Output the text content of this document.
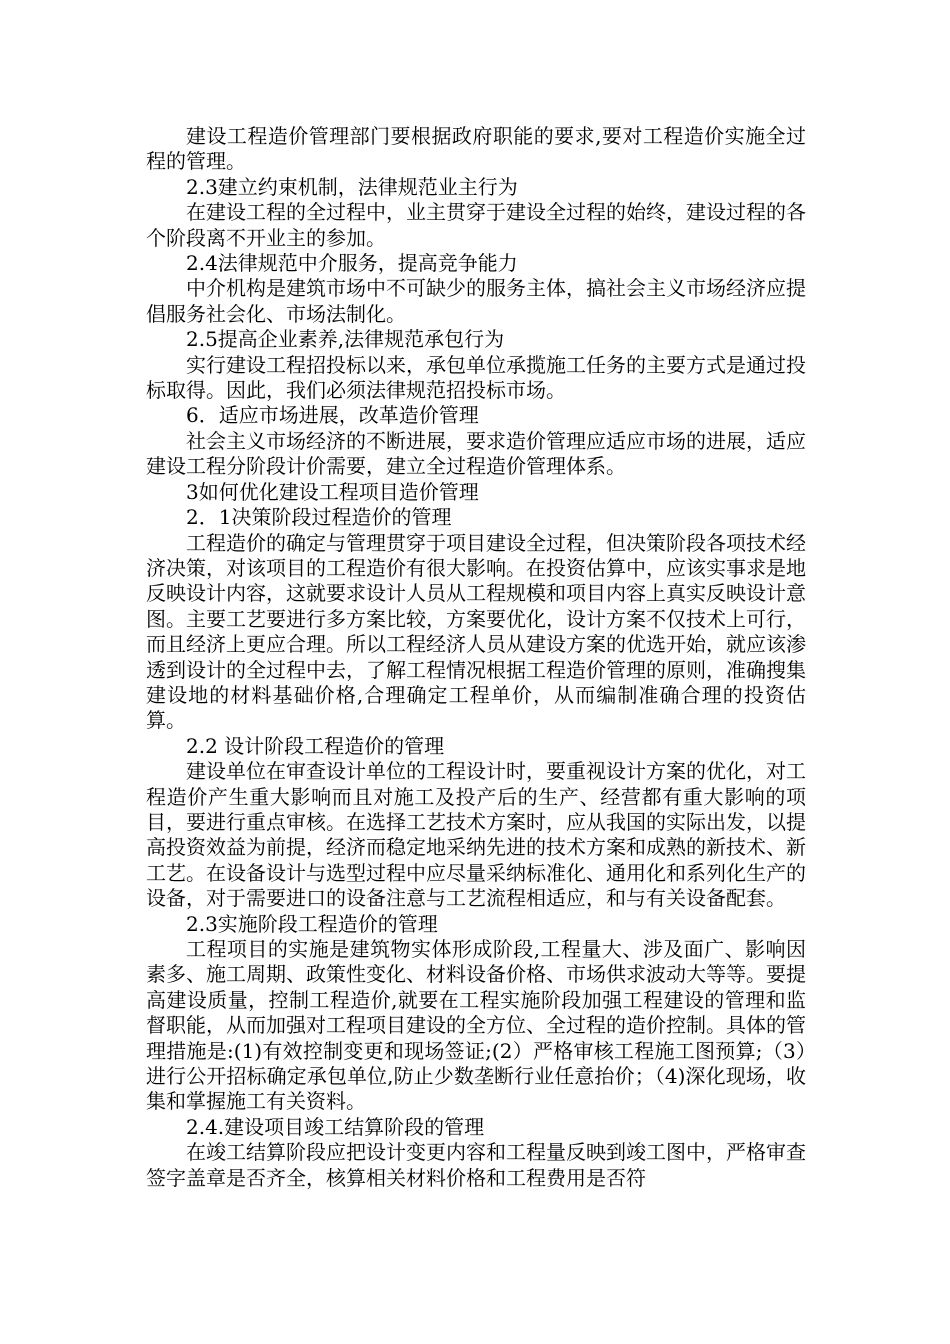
建设工程造价管理部门要根据政府职能的要求,要对工程造价实施全过程的管理。

2.3建立约束机制，法律规范业主行为

在建设工程的全过程中，业主贯穿于建设全过程的始终，建设过程的各个阶段离不开业主的参加。

2.4法律规范中介服务，提高竞争能力

中介机构是建筑市场中不可缺少的服务主体，搞社会主义市场经济应提倡服务社会化、市场法制化。

2.5提高企业素养,法律规范承包行为

实行建设工程招投标以来，承包单位承揽施工任务的主要方式是通过投标取得。因此，我们必须法律规范招投标市场。

6．适应市场进展，改革造价管理

社会主义市场经济的不断进展，要求造价管理应适应市场的进展，适应建设工程分阶段计价需要，建立全过程造价管理体系。

3如何优化建设工程项目造价管理

2．1决策阶段过程造价的管理

工程造价的确定与管理贯穿于项目建设全过程，但决策阶段各项技术经济决策，对该项目的工程造价有很大影响。在投资估算中，应该实事求是地反映设计内容，这就要求设计人员从工程规模和项目内容上真实反映设计意图。主要工艺要进行多方案比较，方案要优化，设计方案不仅技术上可行，而且经济上更应合理。所以工程经济人员从建设方案的优选开始，就应该渗透到设计的全过程中去，了解工程情况根据工程造价管理的原则，准确搜集建设地的材料基础价格,合理确定工程单价，从而编制准确合理的投资估算。

2.2 设计阶段工程造价的管理

建设单位在审查设计单位的工程设计时，要重视设计方案的优化，对工程造价产生重大影响而且对施工及投产后的生产、经营都有重大影响的项目，要进行重点审核。在选择工艺技术方案时，应从我国的实际出发，以提高投资效益为前提，经济而稳定地采纳先进的技术方案和成熟的新技术、新工艺。在设备设计与选型过程中应尽量采纳标准化、通用化和系列化生产的设备，对于需要进口的设备注意与工艺流程相适应，和与有关设备配套。

2.3实施阶段工程造价的管理

工程项目的实施是建筑物实体形成阶段,工程量大、涉及面广、影响因素多、施工周期、政策性变化、材料设备价格、市场供求波动大等等。要提高建设质量，控制工程造价,就要在工程实施阶段加强工程建设的管理和监督职能，从而加强对工程项目建设的全方位、全过程的造价控制。具体的管理措施是:(1)有效控制变更和现场签证;(2）严格审核工程施工图预算;（3）进行公开招标确定承包单位,防止少数垄断行业任意抬价；（4)深化现场，收集和掌握施工有关资料。

2.4.建设项目竣工结算阶段的管理

在竣工结算阶段应把设计变更内容和工程量反映到竣工图中，严格审查签字盖章是否齐全，核算相关材料价格和工程费用是否符
